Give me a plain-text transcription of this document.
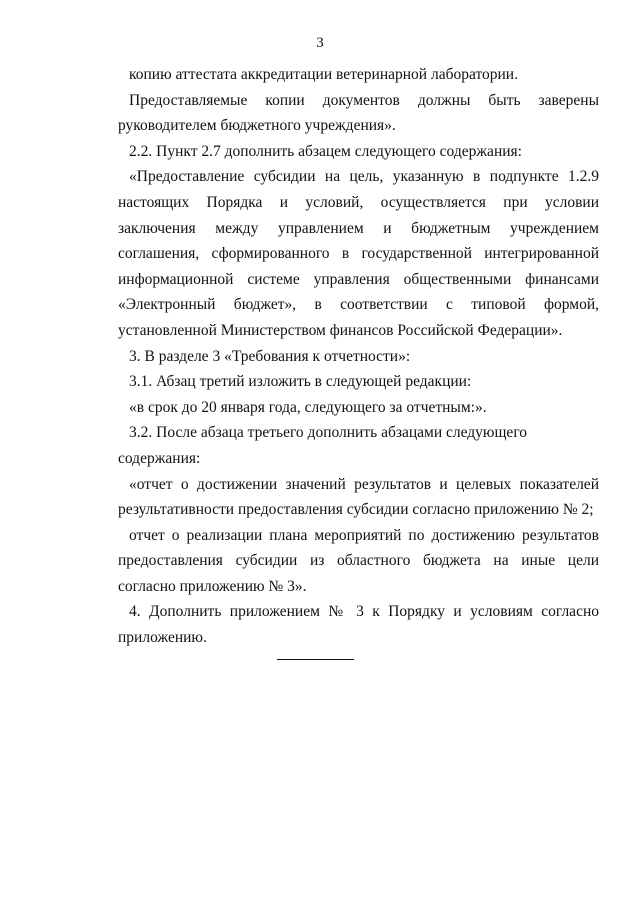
3

копию аттестата аккредитации ветеринарной лаборатории.

Предоставляемые копии документов должны быть заверены руководителем бюджетного учреждения».

2.2. Пункт 2.7 дополнить абзацем следующего содержания:

«Предоставление субсидии на цель, указанную в подпункте 1.2.9 настоящих Порядка и условий, осуществляется при условии заключения между управлением и бюджетным учреждением соглашения, сформированного в государственной интегрированной информационной системе управления общественными финансами «Электронный бюджет», в соответствии с типовой формой, установленной Министерством финансов Российской Федерации».

3. В разделе 3 «Требования к отчетности»:

3.1. Абзац третий изложить в следующей редакции:

«в срок до 20 января года, следующего за отчетным:».

3.2. После абзаца третьего дополнить абзацами следующего содержания:

«отчет о достижении значений результатов и целевых показателей результативности предоставления субсидии согласно приложению № 2;

отчет о реализации плана мероприятий по достижению результатов предоставления субсидии из областного бюджета на иные цели согласно приложению № 3».

4. Дополнить приложением № 3 к Порядку и условиям согласно приложению.
